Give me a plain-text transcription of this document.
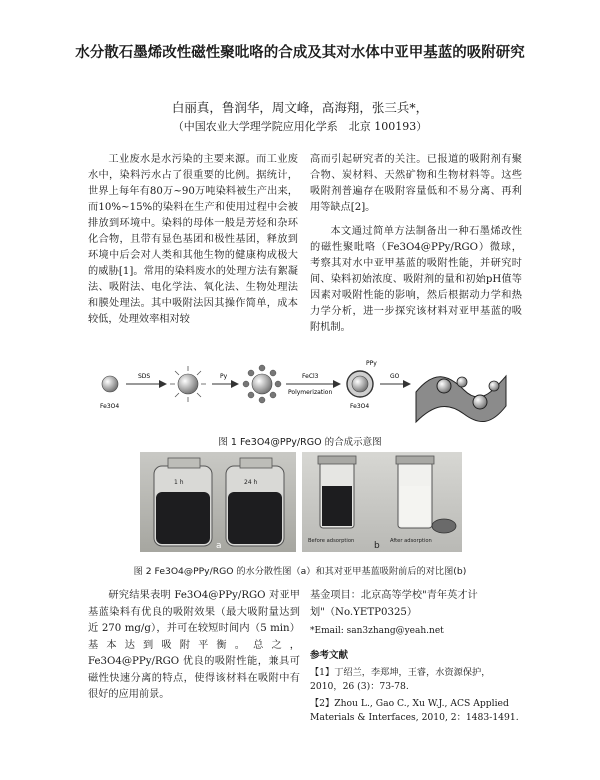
水分散石墨烯改性磁性聚吡咯的合成及其对水体中亚甲基蓝的吸附研究
白丽真，鲁润华，周文峰，高海翔，张三兵*，
（中国农业大学理学院应用化学系　北京 100193）

工业废水是水污染的主要来源。而工业废水中，染料污水占了很重要的比例。据统计，世界上每年有80万~90万吨染料被生产出来，而10%~15%的染料在生产和使用过程中会被排放到环境中。染料的母体一般是芳烃和杂环化合物，且带有显色基团和极性基团，释放到环境中后会对人类和其他生物的健康构成极大的威胁[1]。常用的染料废水的处理方法有絮凝法、吸附法、电化学法、氧化法、生物处理法和膜处理法。其中吸附法因其操作简单，成本较低，处理效率相对较

高而引起研究者的关注。已报道的吸附剂有聚合物、炭材料、天然矿物和生物材料等。这些吸附剂普遍存在吸附容量低和不易分离、再利用等缺点[2]。

本文通过简单方法制备出一种石墨烯改性的磁性聚吡咯（Fe3O4@PPy/RGO）微球，考察其对水中亚甲基蓝的吸附性能，并研究时间、染料初始浓度、吸附剂的量和初始pH值等因素对吸附性能的影响，然后根据动力学和热力学分析，进一步探究该材料对亚甲基蓝的吸附机制。

Fe3O4
SDS	Py	FeCl3
Polymerization
PPy
Fe3O4
GO
图 1 Fe3O4@PPy/RGO 的合成示意图
1 h	24 h
a	Before adsorption	After adsorption
b
图 2 Fe3O4@PPy/RGO 的水分散性图（a）和其对亚甲基蓝吸附前后的对比图(b)

研究结果表明 Fe3O4@PPy/RGO 对亚甲基蓝染料有优良的吸附效果（最大吸附量达到近 270 mg/g），并可在较短时间内（5 min）基本达到吸附平衡。总之，Fe3O4@PPy/RGO 优良的吸附性能，兼具可磁性快速分离的特点，使得该材料在吸附中有很好的应用前景。

基金项目：北京高等学校"青年英才计划"（No.YETP0325）

*Email: san3zhang@yeah.net

参考文献

【1】丁绍兰，李郑坤，王睿，水资源保护，2010，26 (3)：73-78.

【2】Zhou L., Gao C., Xu W.J., ACS Applied Materials & Interfaces, 2010, 2：1483-1491.
